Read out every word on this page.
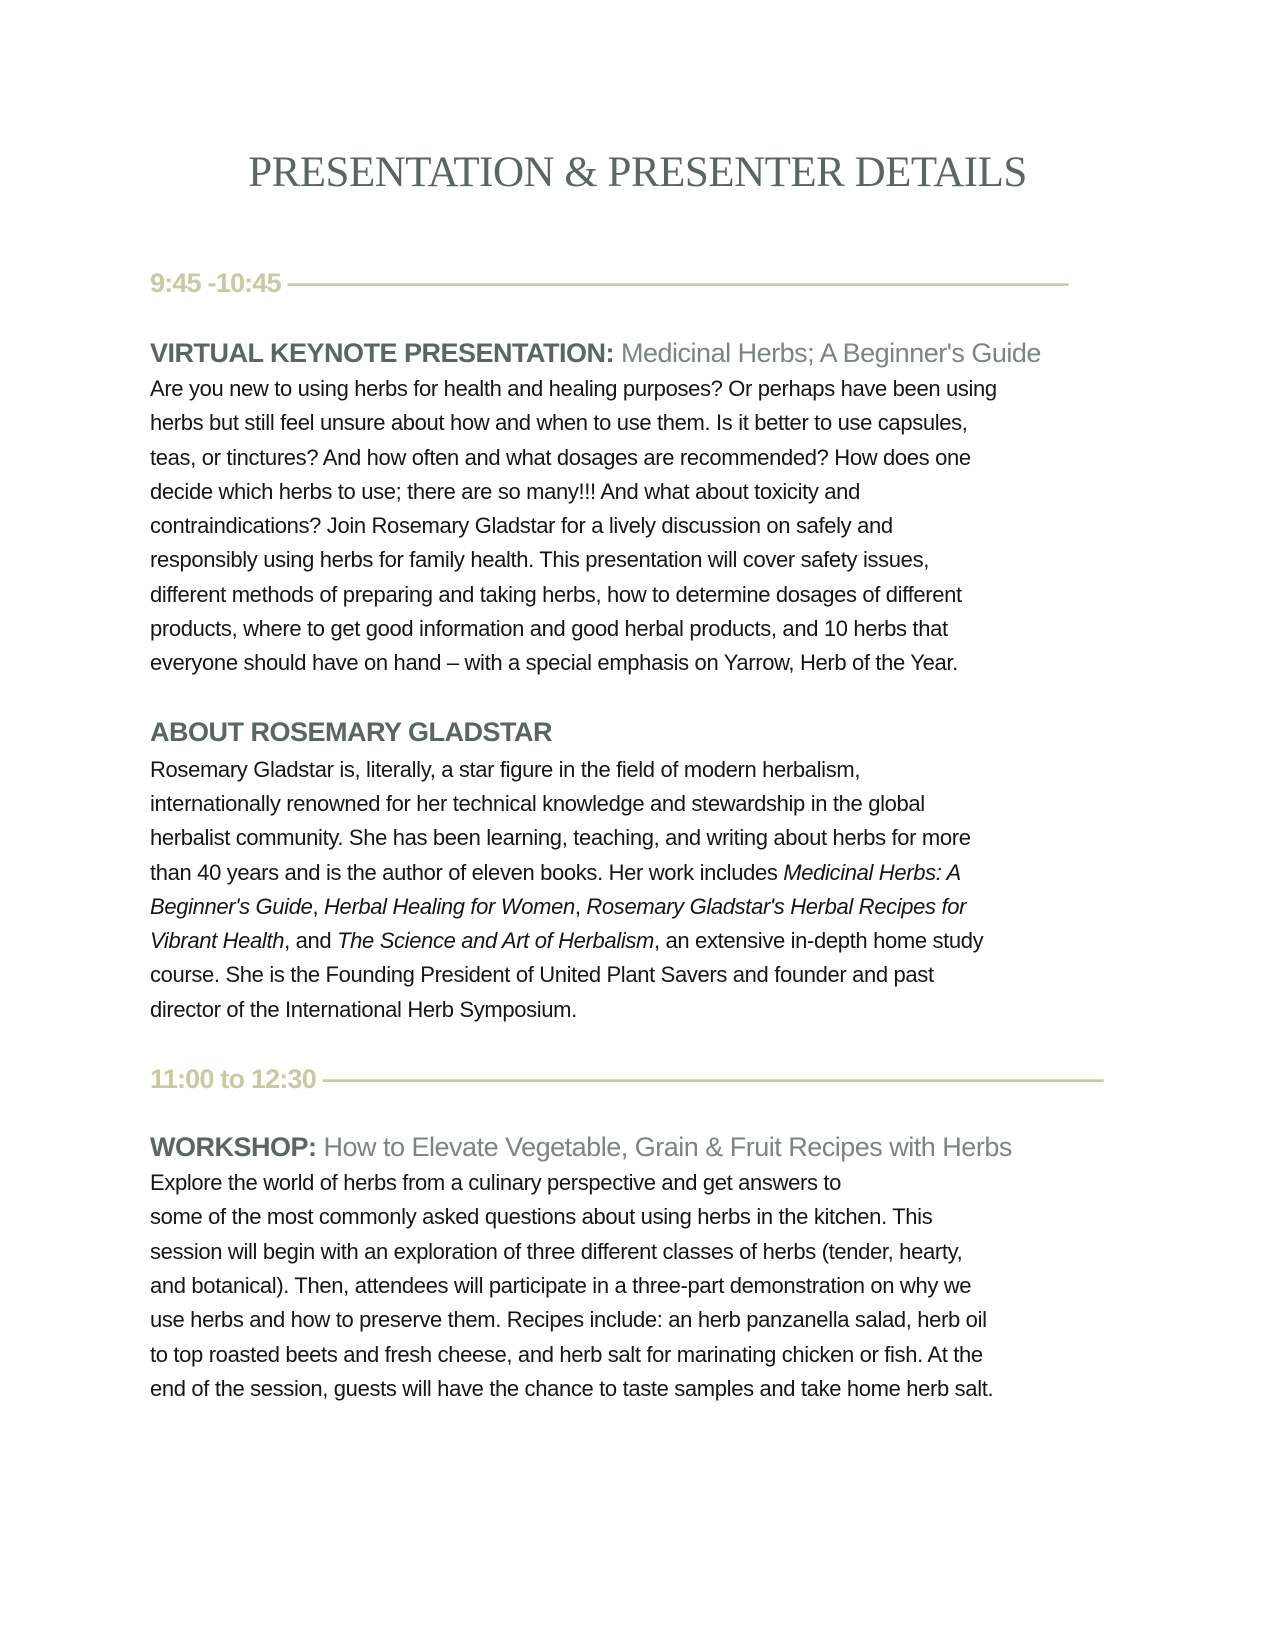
PRESENTATION & PRESENTER DETAILS

9:45 -10:45 ——————————————————————————————

VIRTUAL KEYNOTE PRESENTATION: Medicinal Herbs; A Beginner's Guide

Are you new to using herbs for health and healing purposes? Or perhaps have been using
herbs but still feel unsure about how and when to use them. Is it better to use capsules,
teas, or tinctures? And how often and what dosages are recommended? How does one
decide which herbs to use; there are so many!!! And what about toxicity and
contraindications? Join Rosemary Gladstar for a lively discussion on safely and
responsibly using herbs for family health. This presentation will cover safety issues,
different methods of preparing and taking herbs, how to determine dosages of different
products, where to get good information and good herbal products, and 10 herbs that
everyone should have on hand – with a special emphasis on Yarrow, Herb of the Year.

ABOUT ROSEMARY GLADSTAR

Rosemary Gladstar is, literally, a star figure in the field of modern herbalism,
internationally renowned for her technical knowledge and stewardship in the global
herbalist community. She has been learning, teaching, and writing about herbs for more
than 40 years and is the author of eleven books. Her work includes Medicinal Herbs: A
Beginner's Guide, Herbal Healing for Women, Rosemary Gladstar's Herbal Recipes for
Vibrant Health, and The Science and Art of Herbalism, an extensive in-depth home study
course. She is the Founding President of United Plant Savers and founder and past
director of the International Herb Symposium.

11:00 to 12:30 ——————————————————————————————

WORKSHOP: How to Elevate Vegetable, Grain & Fruit Recipes with Herbs

Explore the world of herbs from a culinary perspective and get answers to
some of the most commonly asked questions about using herbs in the kitchen. This
session will begin with an exploration of three different classes of herbs (tender, hearty,
and botanical). Then, attendees will participate in a three-part demonstration on why we
use herbs and how to preserve them. Recipes include: an herb panzanella salad, herb oil
to top roasted beets and fresh cheese, and herb salt for marinating chicken or fish. At the
end of the session, guests will have the chance to taste samples and take home herb salt.
